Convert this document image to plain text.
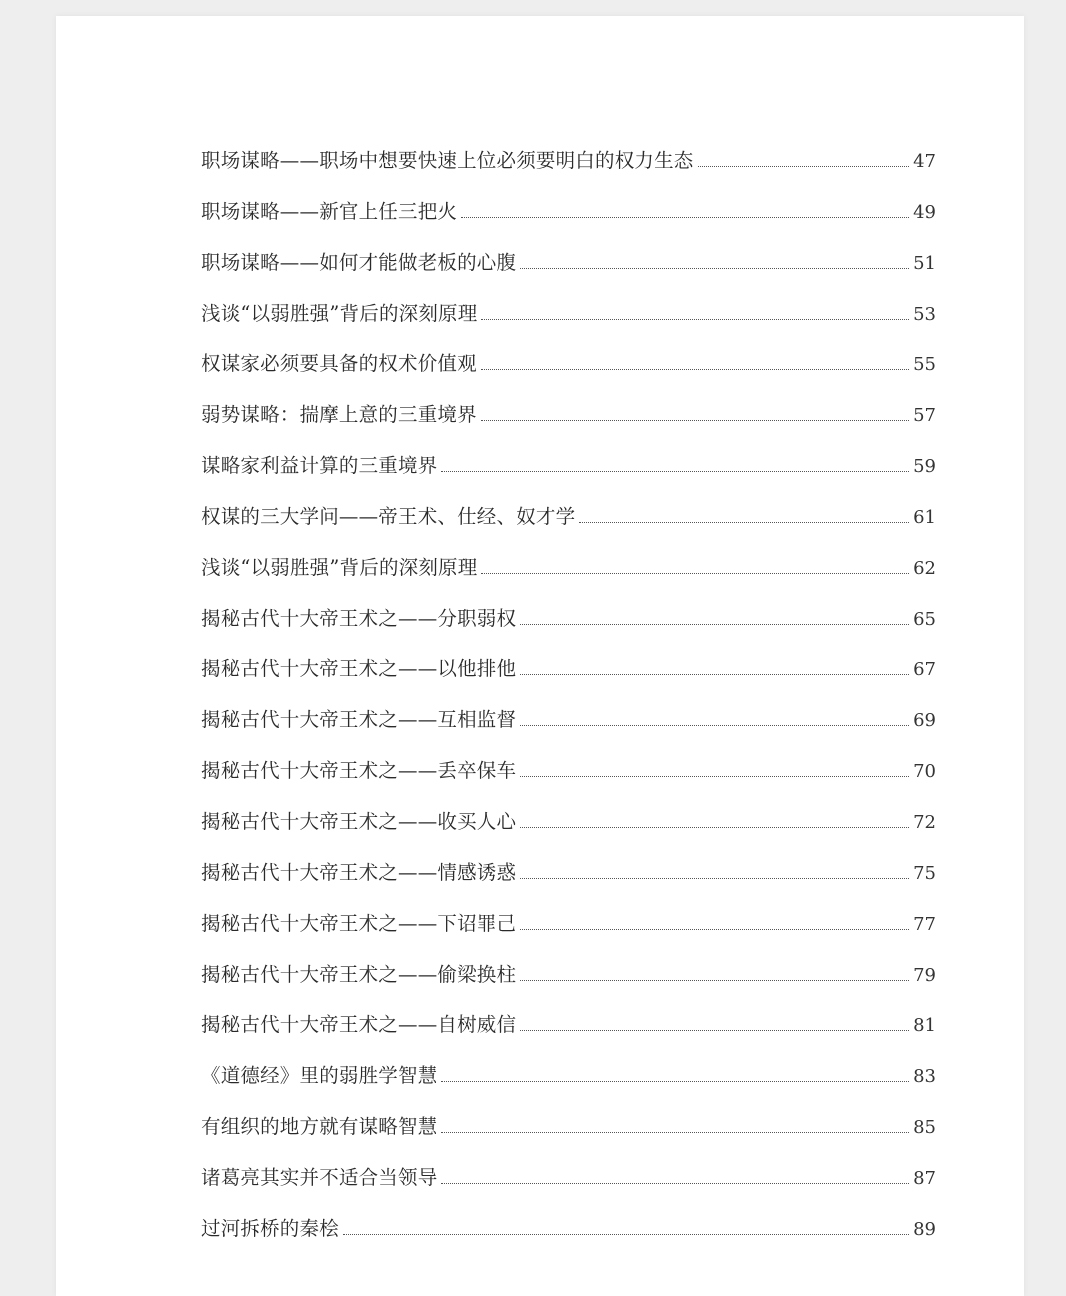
职场谋略——职场中想要快速上位必须要明白的权力生态	47
职场谋略——新官上任三把火	49
职场谋略——如何才能做老板的心腹	51
浅谈“以弱胜强”背后的深刻原理	53
权谋家必须要具备的权术价值观	55
弱势谋略：揣摩上意的三重境界	57
谋略家利益计算的三重境界	59
权谋的三大学问——帝王术、仕经、奴才学	61
浅谈“以弱胜强”背后的深刻原理	62
揭秘古代十大帝王术之——分职弱权	65
揭秘古代十大帝王术之——以他排他	67
揭秘古代十大帝王术之——互相监督	69
揭秘古代十大帝王术之——丢卒保车	70
揭秘古代十大帝王术之——收买人心	72
揭秘古代十大帝王术之——情感诱惑	75
揭秘古代十大帝王术之——下诏罪己	77
揭秘古代十大帝王术之——偷梁换柱	79
揭秘古代十大帝王术之——自树威信	81
《道德经》里的弱胜学智慧	83
有组织的地方就有谋略智慧	85
诸葛亮其实并不适合当领导	87
过河拆桥的秦桧	89
